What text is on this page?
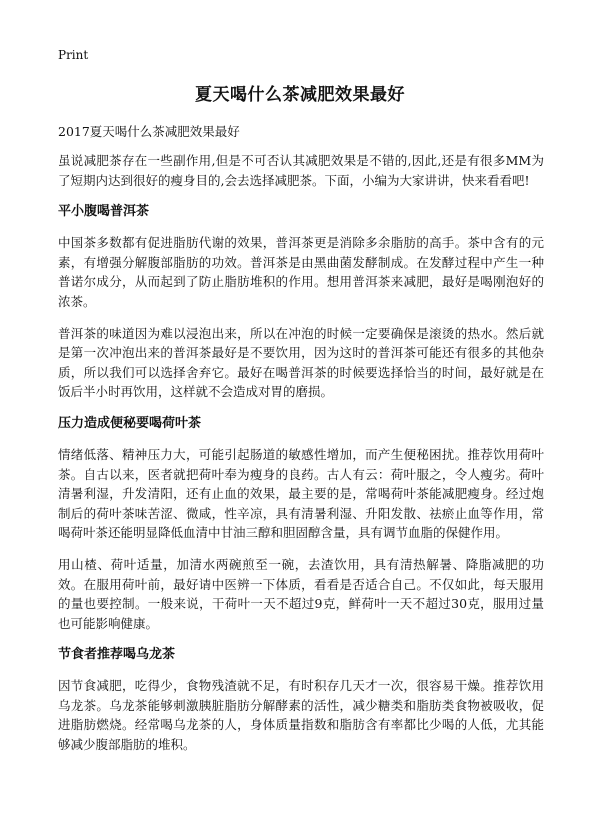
Print
夏天喝什么茶减肥效果最好
2017夏天喝什么茶减肥效果最好

虽说减肥茶存在一些副作用,但是不可否认其减肥效果是不错的,因此,还是有很多MM为了短期内达到很好的瘦身目的,会去选择减肥茶。下面，小编为大家讲讲，快来看看吧!

平小腹喝普洱茶

中国茶多数都有促进脂肪代谢的效果，普洱茶更是消除多余脂肪的高手。茶中含有的元素，有增强分解腹部脂肪的功效。普洱茶是由黑曲菌发酵制成。在发酵过程中产生一种普诺尔成分，从而起到了防止脂肪堆积的作用。想用普洱茶来减肥，最好是喝刚泡好的浓茶。

普洱茶的味道因为难以浸泡出来，所以在冲泡的时候一定要确保是滚烫的热水。然后就是第一次冲泡出来的普洱茶最好是不要饮用，因为这时的普洱茶可能还有很多的其他杂质，所以我们可以选择舍弃它。最好在喝普洱茶的时候要选择恰当的时间，最好就是在饭后半小时再饮用，这样就不会造成对胃的磨损。

压力造成便秘要喝荷叶茶

情绪低落、精神压力大，可能引起肠道的敏感性增加，而产生便秘困扰。推荐饮用荷叶茶。自古以来，医者就把荷叶奉为瘦身的良药。古人有云：荷叶服之，令人瘦劣。荷叶清暑利湿，升发清阳，还有止血的效果，最主要的是，常喝荷叶茶能减肥瘦身。经过炮制后的荷叶茶味苦涩、微咸，性辛凉，具有清暑利湿、升阳发散、祛瘀止血等作用，常喝荷叶茶还能明显降低血清中甘油三醇和胆固醇含量，具有调节血脂的保健作用。

用山楂、荷叶适量，加清水两碗煎至一碗，去渣饮用，具有清热解暑、降脂减肥的功效。在服用荷叶前，最好请中医辨一下体质，看看是否适合自己。不仅如此，每天服用的量也要控制。一般来说，干荷叶一天不超过9克，鲜荷叶一天不超过30克，服用过量也可能影响健康。

节食者推荐喝乌龙茶

因节食减肥，吃得少，食物残渣就不足，有时积存几天才一次，很容易干燥。推荐饮用乌龙茶。乌龙茶能够刺激胰脏脂肪分解酵素的活性，减少糖类和脂肪类食物被吸收，促进脂肪燃烧。经常喝乌龙茶的人，身体质量指数和脂肪含有率都比少喝的人低，尤其能够减少腹部脂肪的堆积。
